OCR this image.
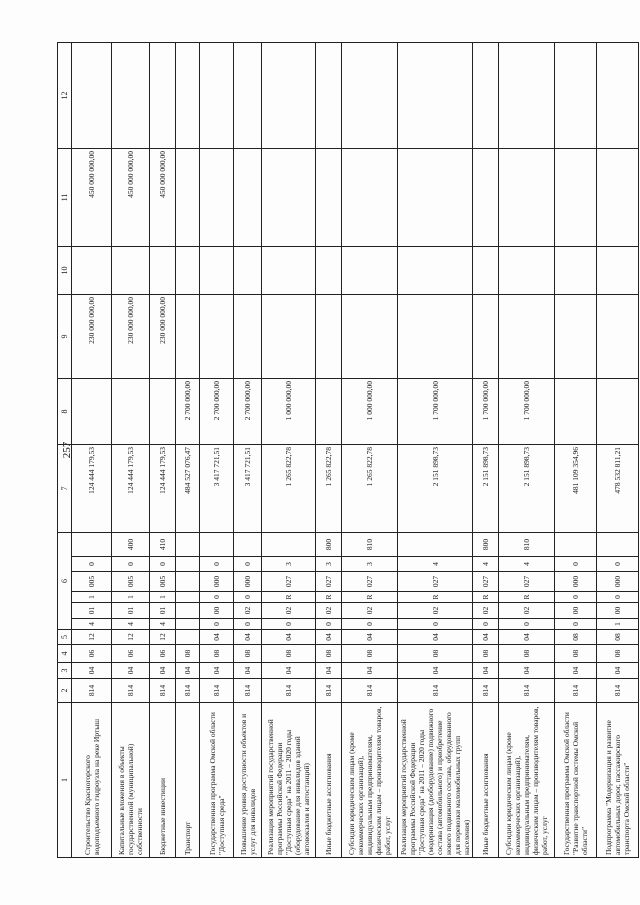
257
1	2	3	4	5	6						7	8	9	10	11	12	
Строительство Красногорского водоподъемного гидроузла на реке Иртыш	814	04	06	12	4	01	1	005	0		124 444 179,53		230 000 000,00		450 000 000,00		
Капитальные вложения в объекты государственной (муниципальной) собственности	814	04	06	12	4	01	1	005	0	400	124 444 179,53		230 000 000,00		450 000 000,00		
Бюджетные инвестиции	814	04	06	12	4	01	1	005	0	410	124 444 179,53		230 000 000,00		450 000 000,00		
Транспорт	814	04	08								484 527 076,47	2 700 000,00					
Государственная программа Омской области "Доступная среда"	814	04	08	04	0	00	0	000	0		3 417 721,51	2 700 000,00					
Повышение уровня доступности объектов и услуг для инвалидов	814	04	08	04	0	02	0	000	0		3 417 721,51	2 700 000,00					
Реализация мероприятий государственной программы Российской Федерации "Доступная среда" на 2011 – 2020 годы (оборудование для инвалидов зданий автовокзалов и автостанций)	814	04	08	04	0	02	R	027	3		1 265 822,78	1 000 000,00					
Иные бюджетные ассигнования	814	04	08	04	0	02	R	027	3	800	1 265 822,78						
Субсидии юридическим лицам (кроме некоммерческих организаций), индивидуальным предпринимателям, физическим лицам – производителям товаров, работ, услуг	814	04	08	04	0	02	R	027	3	810	1 265 822,78	1 000 000,00					
Реализация мероприятий государственной программы Российской Федерации "Доступная среда" на 2011 – 2020 годы (модернизация (дооборудование) подвижного состава (автомобильного) и приобретение нового подвижного состава, оборудованного для перевозки маломобильных групп населения)	814	04	08	04	0	02	R	027	4		2 151 898,73	1 700 000,00					
Иные бюджетные ассигнования	814	04	08	04	0	02	R	027	4	800	2 151 898,73	1 700 000,00					
Субсидии юридическим лицам (кроме некоммерческих организаций), индивидуальным предпринимателям, физическим лицам – производителям товаров, работ, услуг	814	04	08	04	0	02	R	027	4	810	2 151 898,73	1 700 000,00					
Государственная программа Омской области "Развитие транспортной системы Омской области"	814	04	08	08	0	00	0	000	0		481 109 354,96						
Подпрограмма "Модернизация и развитие автомобильных дорог, пассажирского транспорта Омской области"	814	04	08	08	1	00	0	000	0		478 532 811,21						
